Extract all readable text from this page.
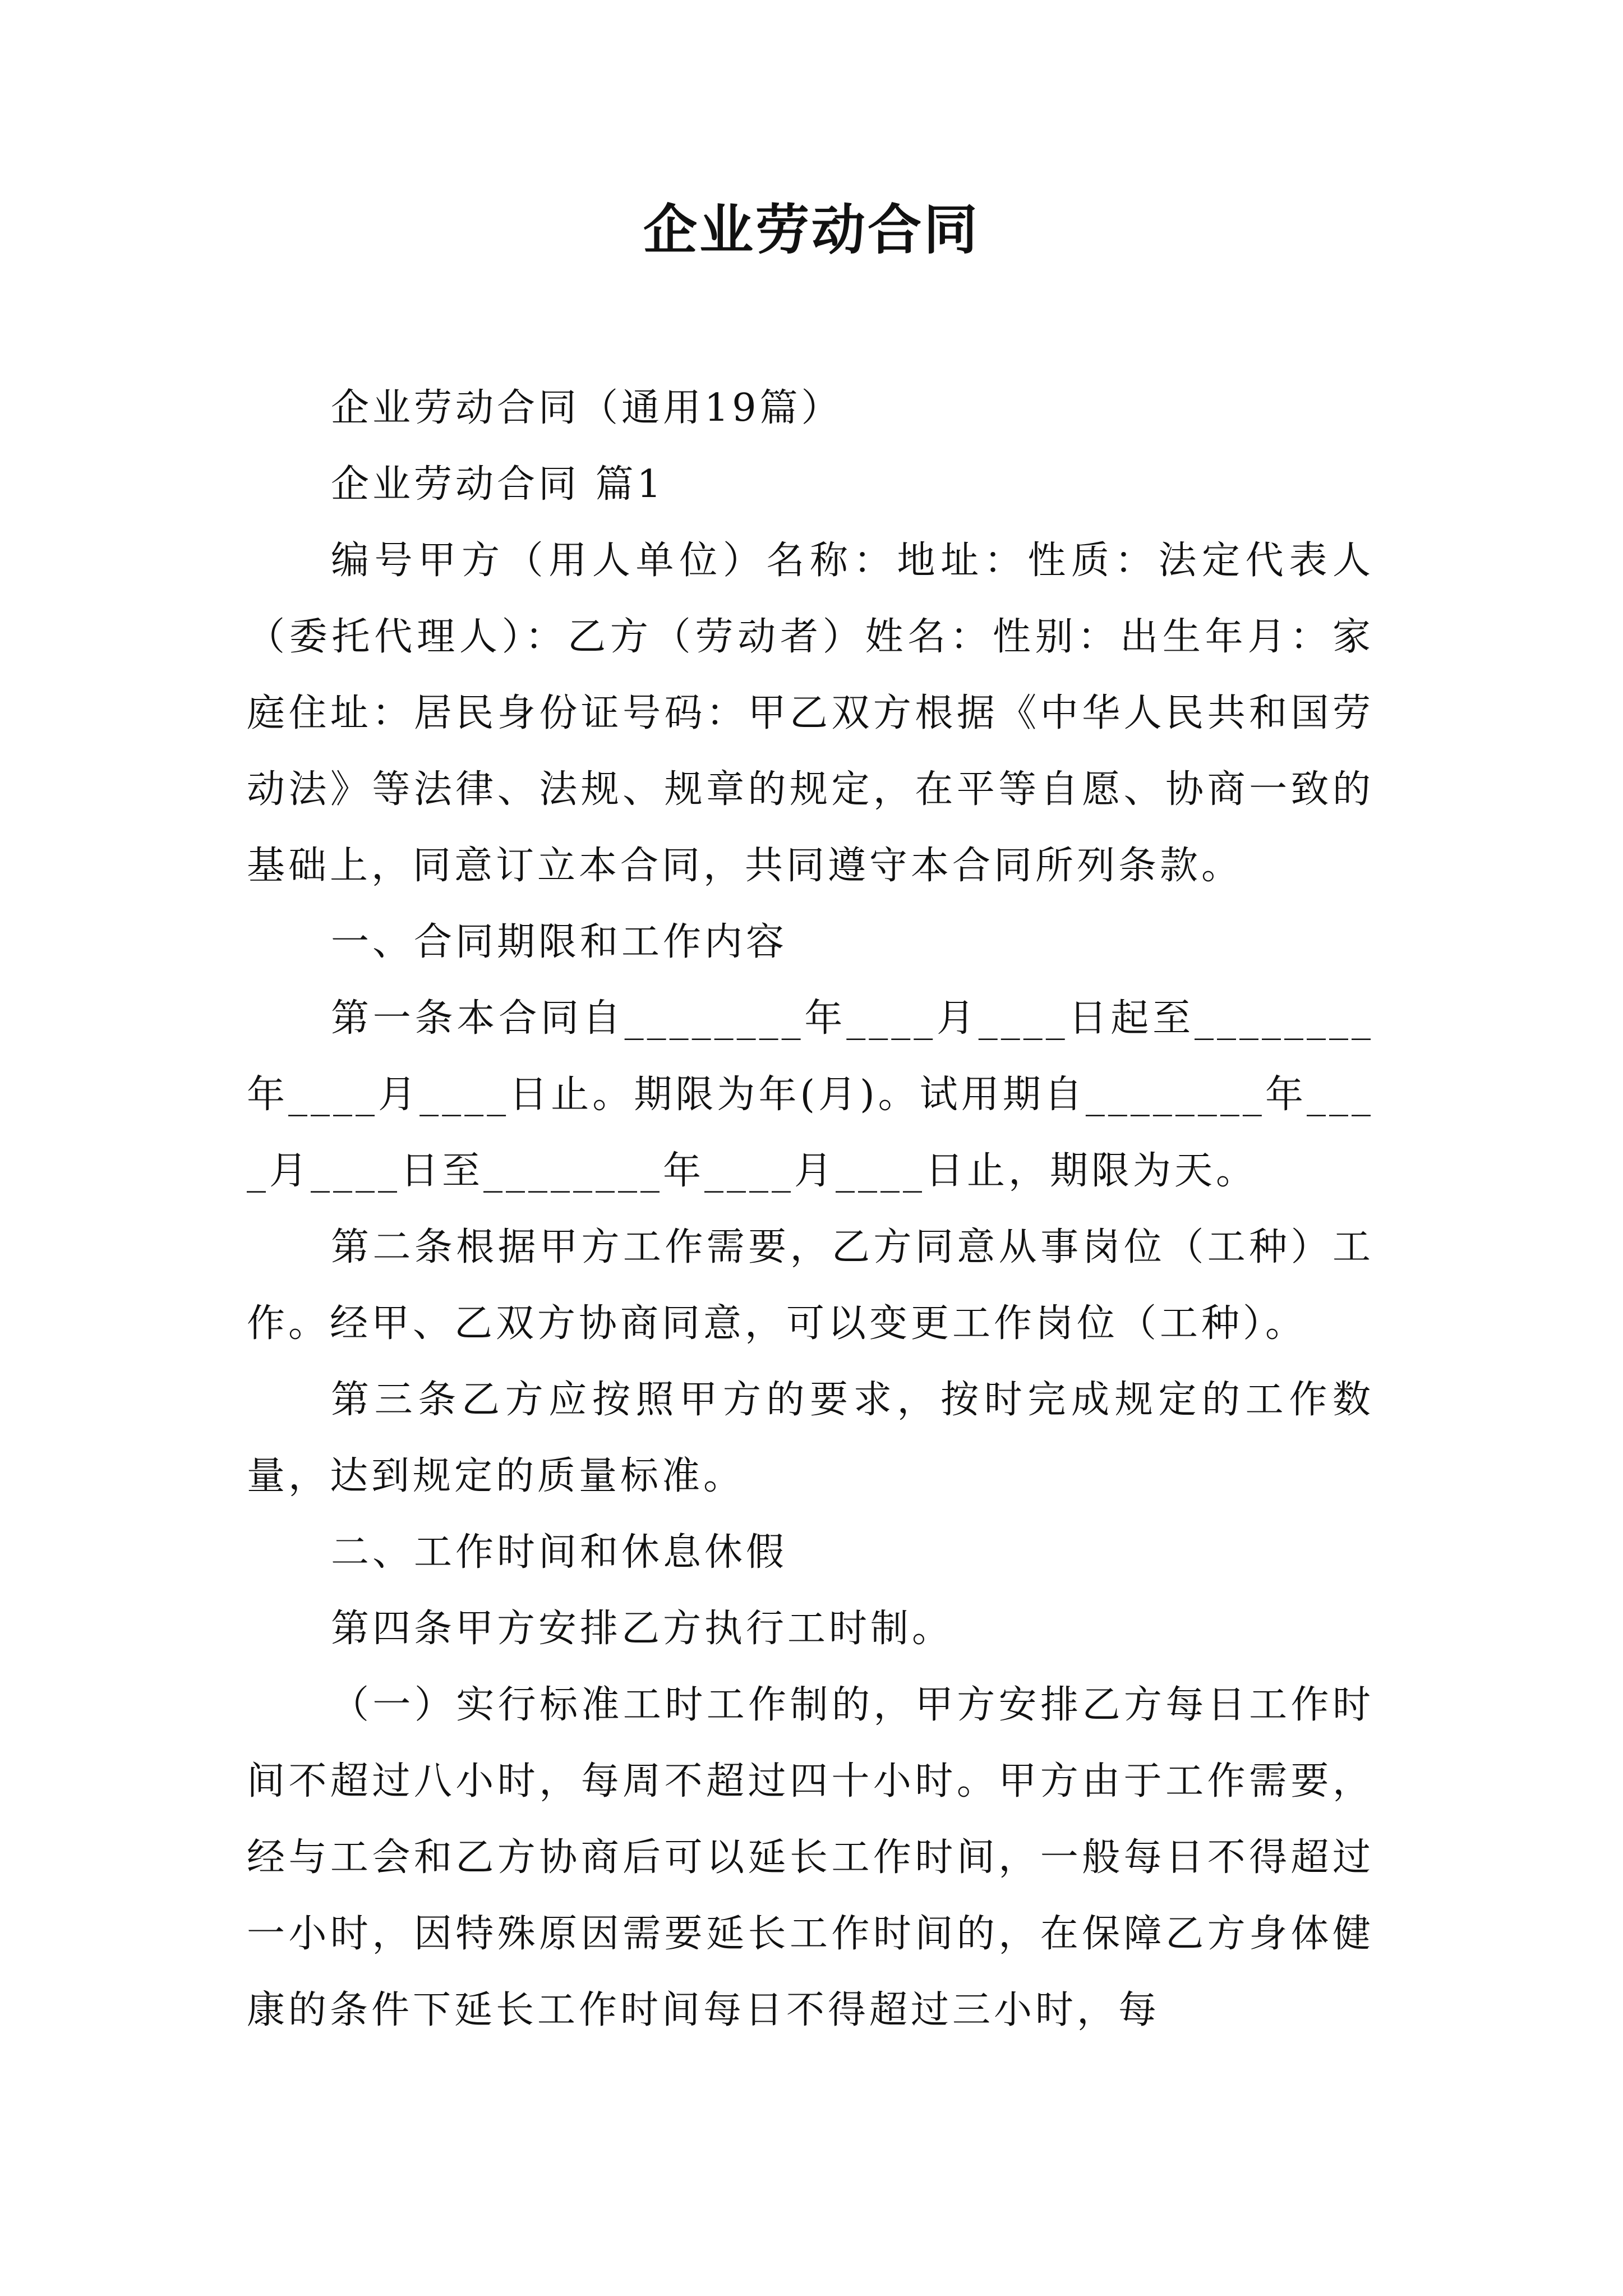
企业劳动合同

企业劳动合同（通用19篇）

企业劳动合同 篇1

编号甲方（用人单位）名称：地址：性质：法定代表人（委托代理人）：乙方（劳动者）姓名：性别：出生年月：家庭住址：居民身份证号码：甲乙双方根据《中华人民共和国劳动法》等法律、法规、规章的规定，在平等自愿、协商一致的基础上，同意订立本合同，共同遵守本合同所列条款。

一、合同期限和工作内容

第一条本合同自________年____月____日起至________年____月____日止。期限为年(月)。试用期自________年____月____日至________年____月____日止，期限为天。

第二条根据甲方工作需要，乙方同意从事岗位（工种）工作。经甲、乙双方协商同意，可以变更工作岗位（工种）。

第三条乙方应按照甲方的要求，按时完成规定的工作数量，达到规定的质量标准。

二、工作时间和休息休假

第四条甲方安排乙方执行工时制。

（一）实行标准工时工作制的，甲方安排乙方每日工作时间不超过八小时，每周不超过四十小时。甲方由于工作需要，经与工会和乙方协商后可以延长工作时间，一般每日不得超过一小时，因特殊原因需要延长工作时间的，在保障乙方身体健康的条件下延长工作时间每日不得超过三小时，每
